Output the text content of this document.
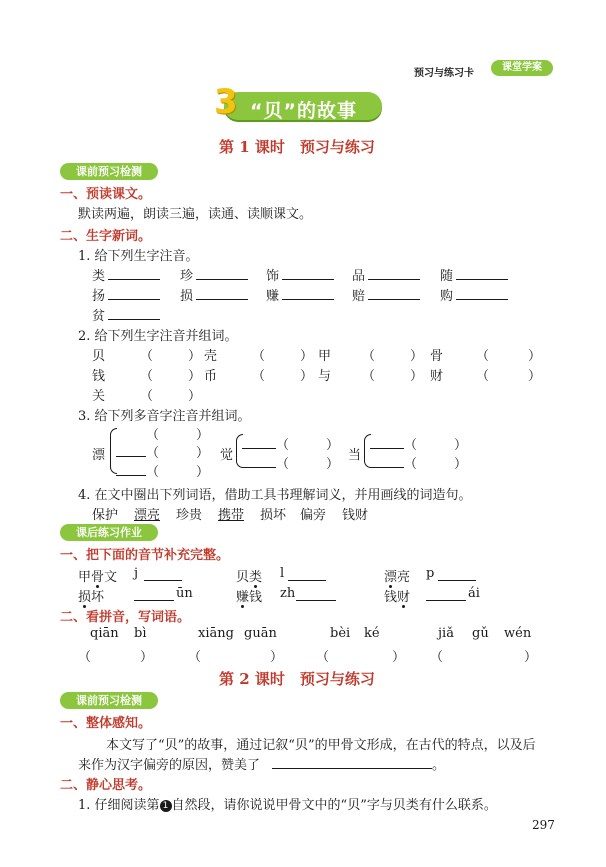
预习与练习卡
课堂学案
3 “贝”的故事
第 1 课时　预习与练习
课前预习检测
一、预读课文。
默读两遍，朗读三遍，读通、读顺课文。
二、生字新词。
1. 给下列生字注音。
类	珍	饰	品	随
扬	损	赚	赔	购
贫
2. 给下列生字注音并组词。
贝	（	） 壳	（	） 甲 （	） 骨	（	）
钱	（	） 币	（	） 与 （	） 财	（	）
关	（	）
3. 给下列多音字注音并组词。
漂
（	）
（	）
（	）
觉
（	）
（	）
当
（	）
（	）
4. 在文中圈出下列词语，借助工具书理解词义，并用画线的词造句。
保护 漂亮 珍贵 携带 损坏 偏旁 钱财
课后练习作业
一、把下面的音节补充完整。
甲骨文 j	贝类 l	漂亮 p
损坏	ūn	赚钱 zh	钱财	ái
二、看拼音，写词语。
qiān bì	xiāng guān	bèi ké	jiǎ gǔ wén
（	）	（	）	（	） （	）
第 2 课时　预习与练习
课前预习检测
一、整体感知。
本文写了“贝”的故事，通过记叙“贝”的甲骨文形成，在古代的特点，以及后
来作为汉字偏旁的原因，赞美了	。
二、静心思考。
1. 仔细阅读第 1 自然段，请你说说甲骨文中的“贝”字与贝类有什么联系。
297
